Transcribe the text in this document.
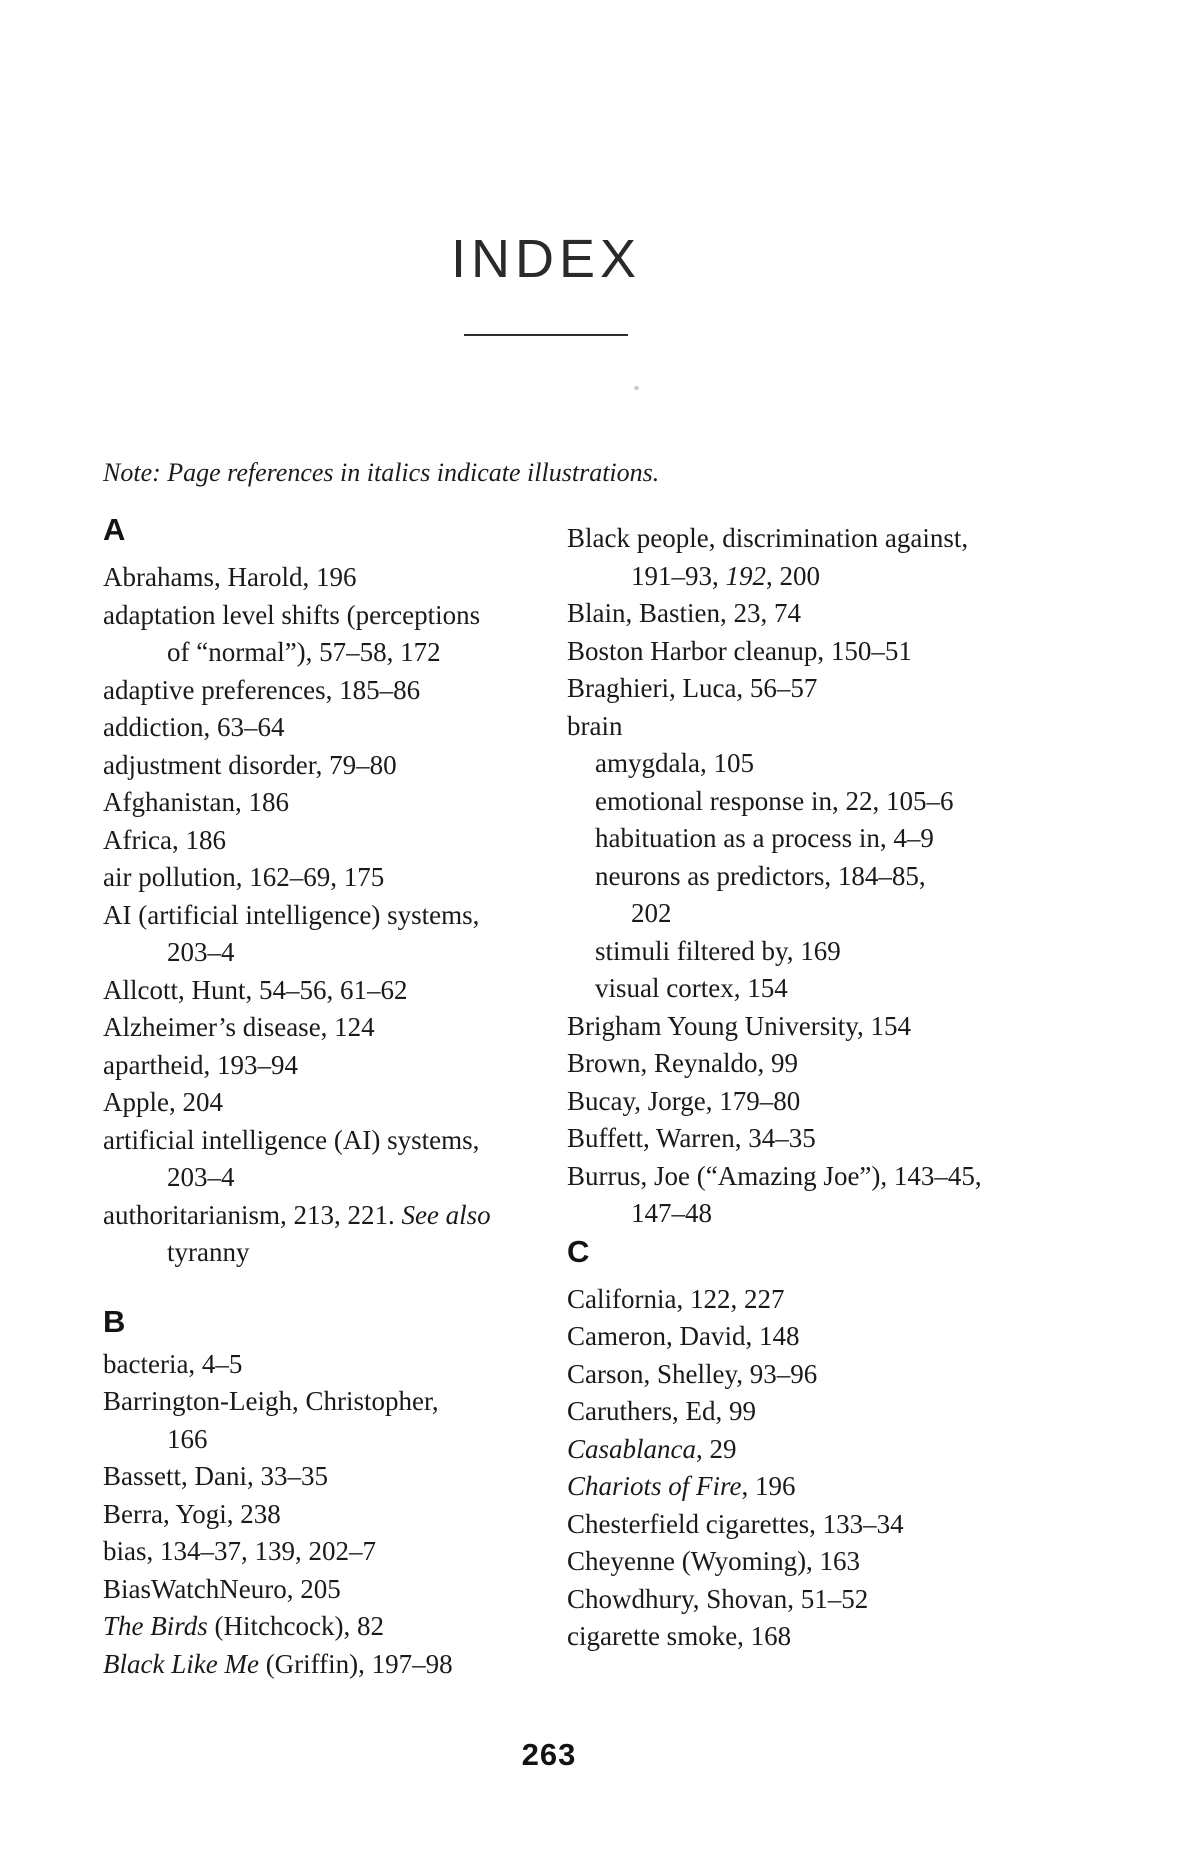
INDEX
Note: Page references in italics indicate illustrations.
A
Abrahams, Harold, 196
adaptation level shifts (perceptions
of “normal”), 57–58, 172
adaptive preferences, 185–86
addiction, 63–64
adjustment disorder, 79–80
Afghanistan, 186
Africa, 186
air pollution, 162–69, 175
AI (artificial intelligence) systems,
203–4
Allcott, Hunt, 54–56, 61–62
Alzheimer’s disease, 124
apartheid, 193–94
Apple, 204
artificial intelligence (AI) systems,
203–4
authoritarianism, 213, 221. See also
tyranny
B
bacteria, 4–5
Barrington-Leigh, Christopher,
166
Bassett, Dani, 33–35
Berra, Yogi, 238
bias, 134–37, 139, 202–7
BiasWatchNeuro, 205
The Birds (Hitchcock), 82
Black Like Me (Griffin), 197–98
Black people, discrimination against,
191–93, 192, 200
Blain, Bastien, 23, 74
Boston Harbor cleanup, 150–51
Braghieri, Luca, 56–57
brain
amygdala, 105
emotional response in, 22, 105–6
habituation as a process in, 4–9
neurons as predictors, 184–85,
202
stimuli filtered by, 169
visual cortex, 154
Brigham Young University, 154
Brown, Reynaldo, 99
Bucay, Jorge, 179–80
Buffett, Warren, 34–35
Burrus, Joe (“Amazing Joe”), 143–45,
147–48
C
California, 122, 227
Cameron, David, 148
Carson, Shelley, 93–96
Caruthers, Ed, 99
Casablanca, 29
Chariots of Fire, 196
Chesterfield cigarettes, 133–34
Cheyenne (Wyoming), 163
Chowdhury, Shovan, 51–52
cigarette smoke, 168
263
